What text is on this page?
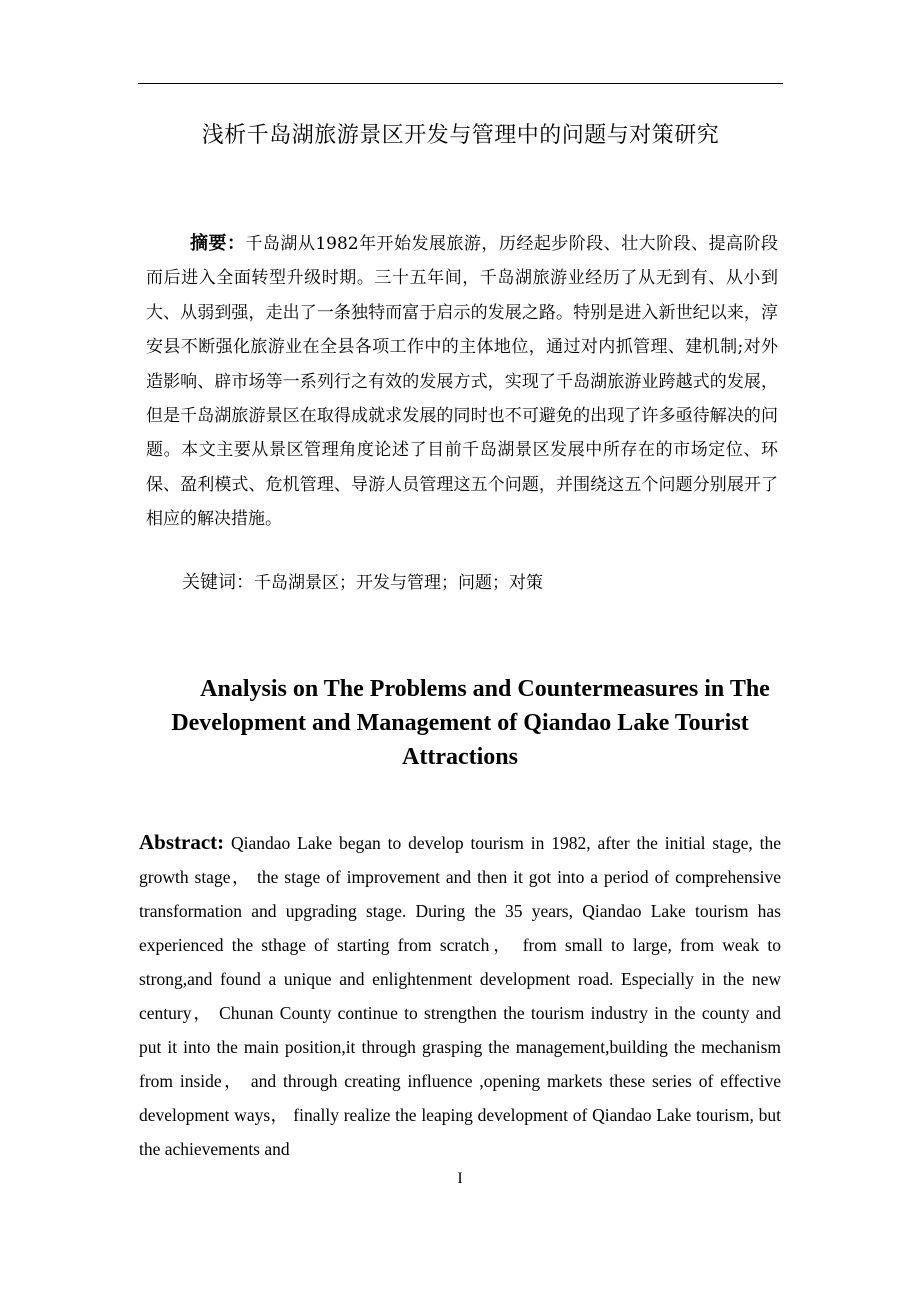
浅析千岛湖旅游景区开发与管理中的问题与对策研究
摘要：千岛湖从1982年开始发展旅游，历经起步阶段、壮大阶段、提高阶段而后进入全面转型升级时期。三十五年间，千岛湖旅游业经历了从无到有、从小到大、从弱到强，走出了一条独特而富于启示的发展之路。特别是进入新世纪以来，淳安县不断强化旅游业在全县各项工作中的主体地位，通过对内抓管理、建机制;对外造影响、辟市场等一系列行之有效的发展方式，实现了千岛湖旅游业跨越式的发展，但是千岛湖旅游景区在取得成就求发展的同时也不可避免的出现了许多亟待解决的问题。本文主要从景区管理角度论述了目前千岛湖景区发展中所存在的市场定位、环保、盈利模式、危机管理、导游人员管理这五个问题，并围绕这五个问题分别展开了相应的解决措施。
关键词：千岛湖景区；开发与管理；问题；对策
Analysis on The Problems and Countermeasures in The
Development and Management of Qiandao Lake Tourist
Attractions
Abstract: Qiandao Lake began to develop tourism in 1982, after the initial stage, the growth stage， the stage of improvement and then it got into a period of comprehensive transformation and upgrading stage. During the 35 years, Qiandao Lake tourism has experienced the sthage of starting from scratch， from small to large, from weak to strong,and found a unique and enlightenment development road. Especially in the new century， Chunan County continue to strengthen the tourism industry in the county and put it into the main position,it through grasping the management,building the mechanism from inside， and through creating influence ,opening markets these series of effective development ways， finally realize the leaping development of Qiandao Lake tourism, but the achievements and
I
